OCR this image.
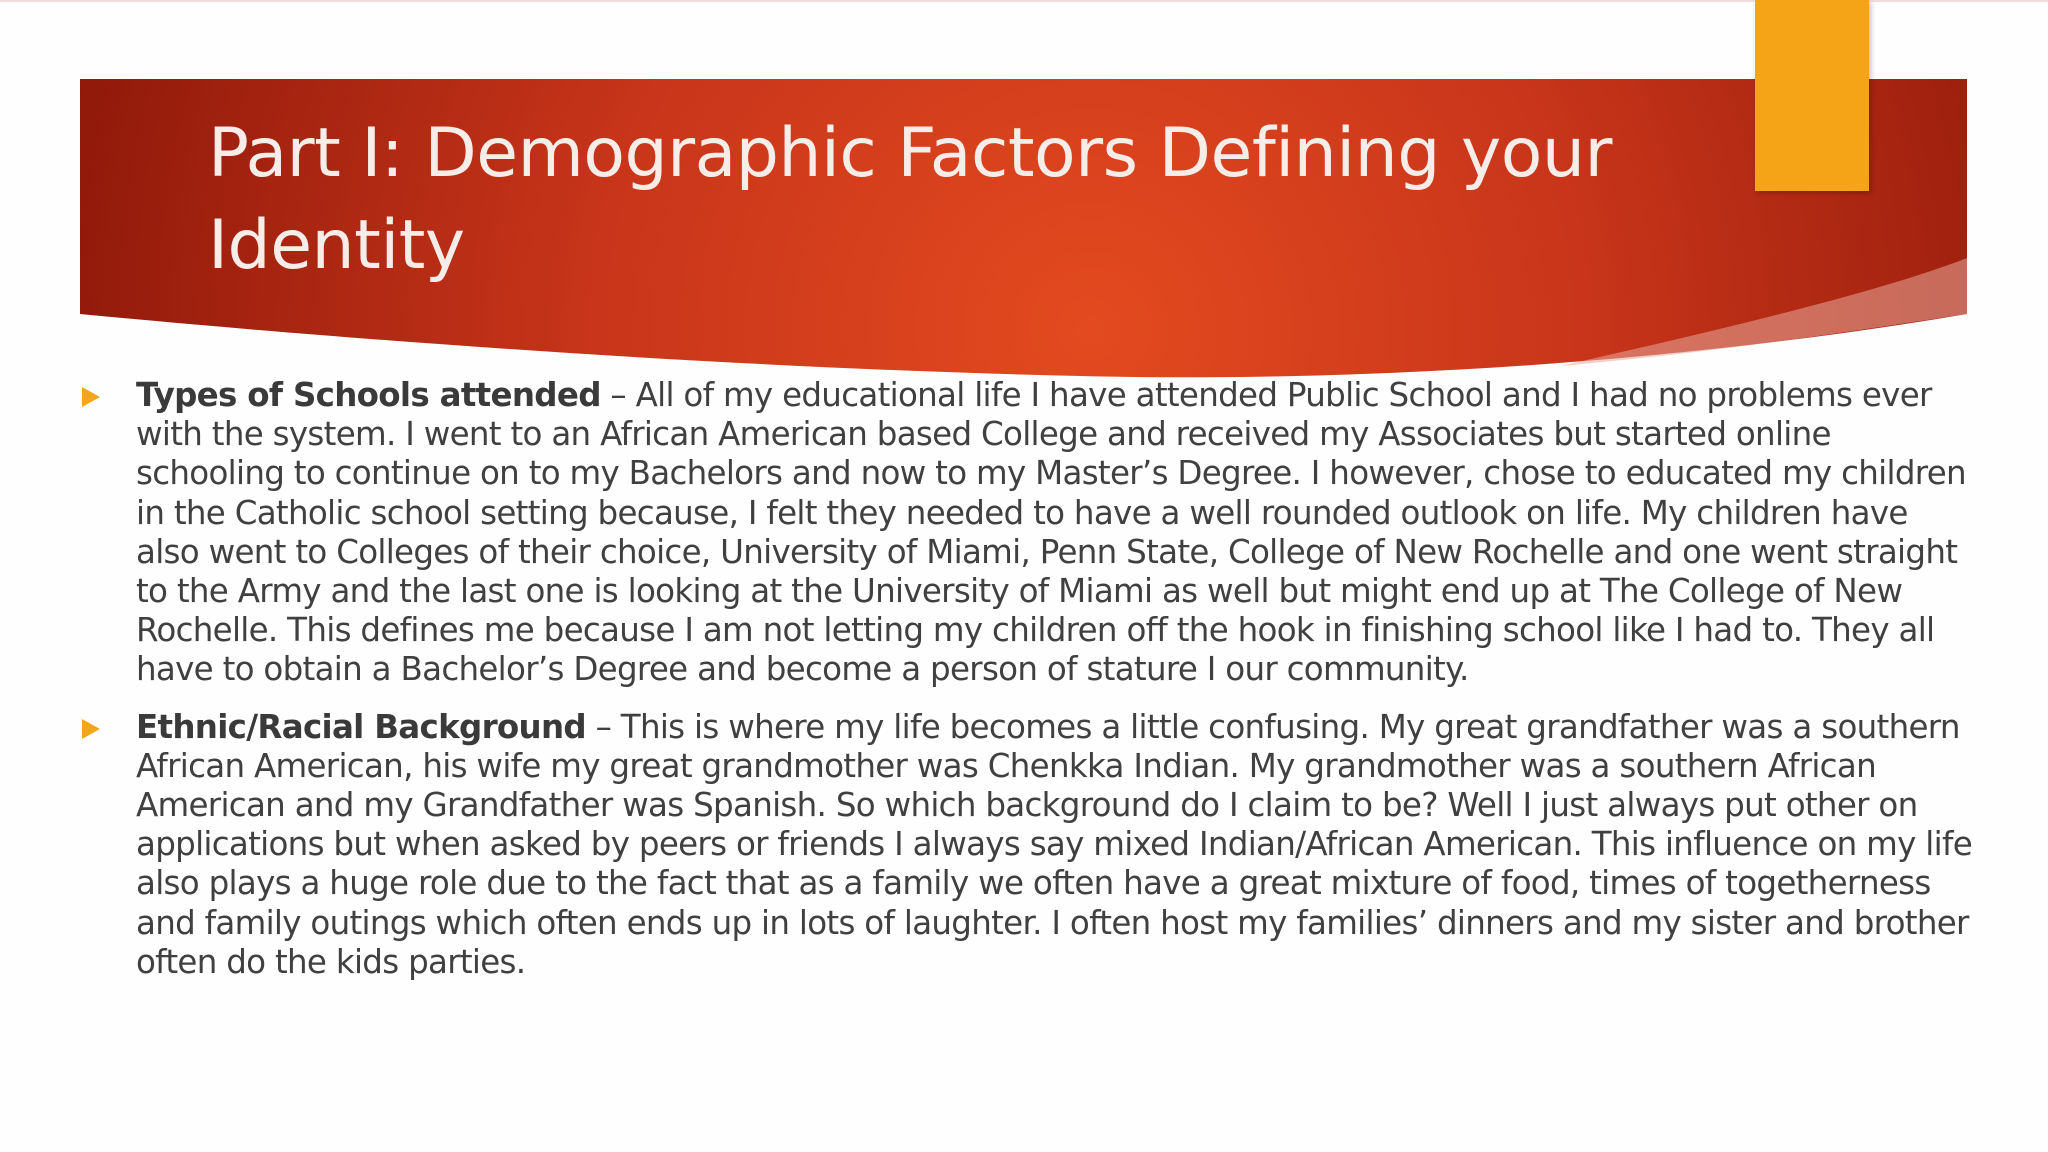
Part I: Demographic Factors Defining your Identity
Types of Schools attended – All of my educational life I have attended Public School and I had no problems ever with the system. I went to an African American based College and received my Associates but started online schooling to continue on to my Bachelors and now to my Master’s Degree. I however, chose to educated my children in the Catholic school setting because, I felt they needed to have a well rounded outlook on life. My children have also went to Colleges of their choice, University of Miami, Penn State, College of New Rochelle and one went straight to the Army and the last one is looking at the University of Miami as well but might end up at The College of New Rochelle. This defines me because I am not letting my children off the hook in finishing school like I had to. They all have to obtain a Bachelor’s Degree and become a person of stature I our community.
Ethnic/Racial Background – This is where my life becomes a little confusing. My great grandfather was a southern African American, his wife my great grandmother was Chenkka Indian. My grandmother was a southern African American and my Grandfather was Spanish. So which background do I claim to be? Well I just always put other on applications but when asked by peers or friends I always say mixed Indian/African American. This influence on my life also plays a huge role due to the fact that as a family we often have a great mixture of food, times of togetherness and family outings which often ends up in lots of laughter. I often host my families’ dinners and my sister and brother often do the kids parties.
